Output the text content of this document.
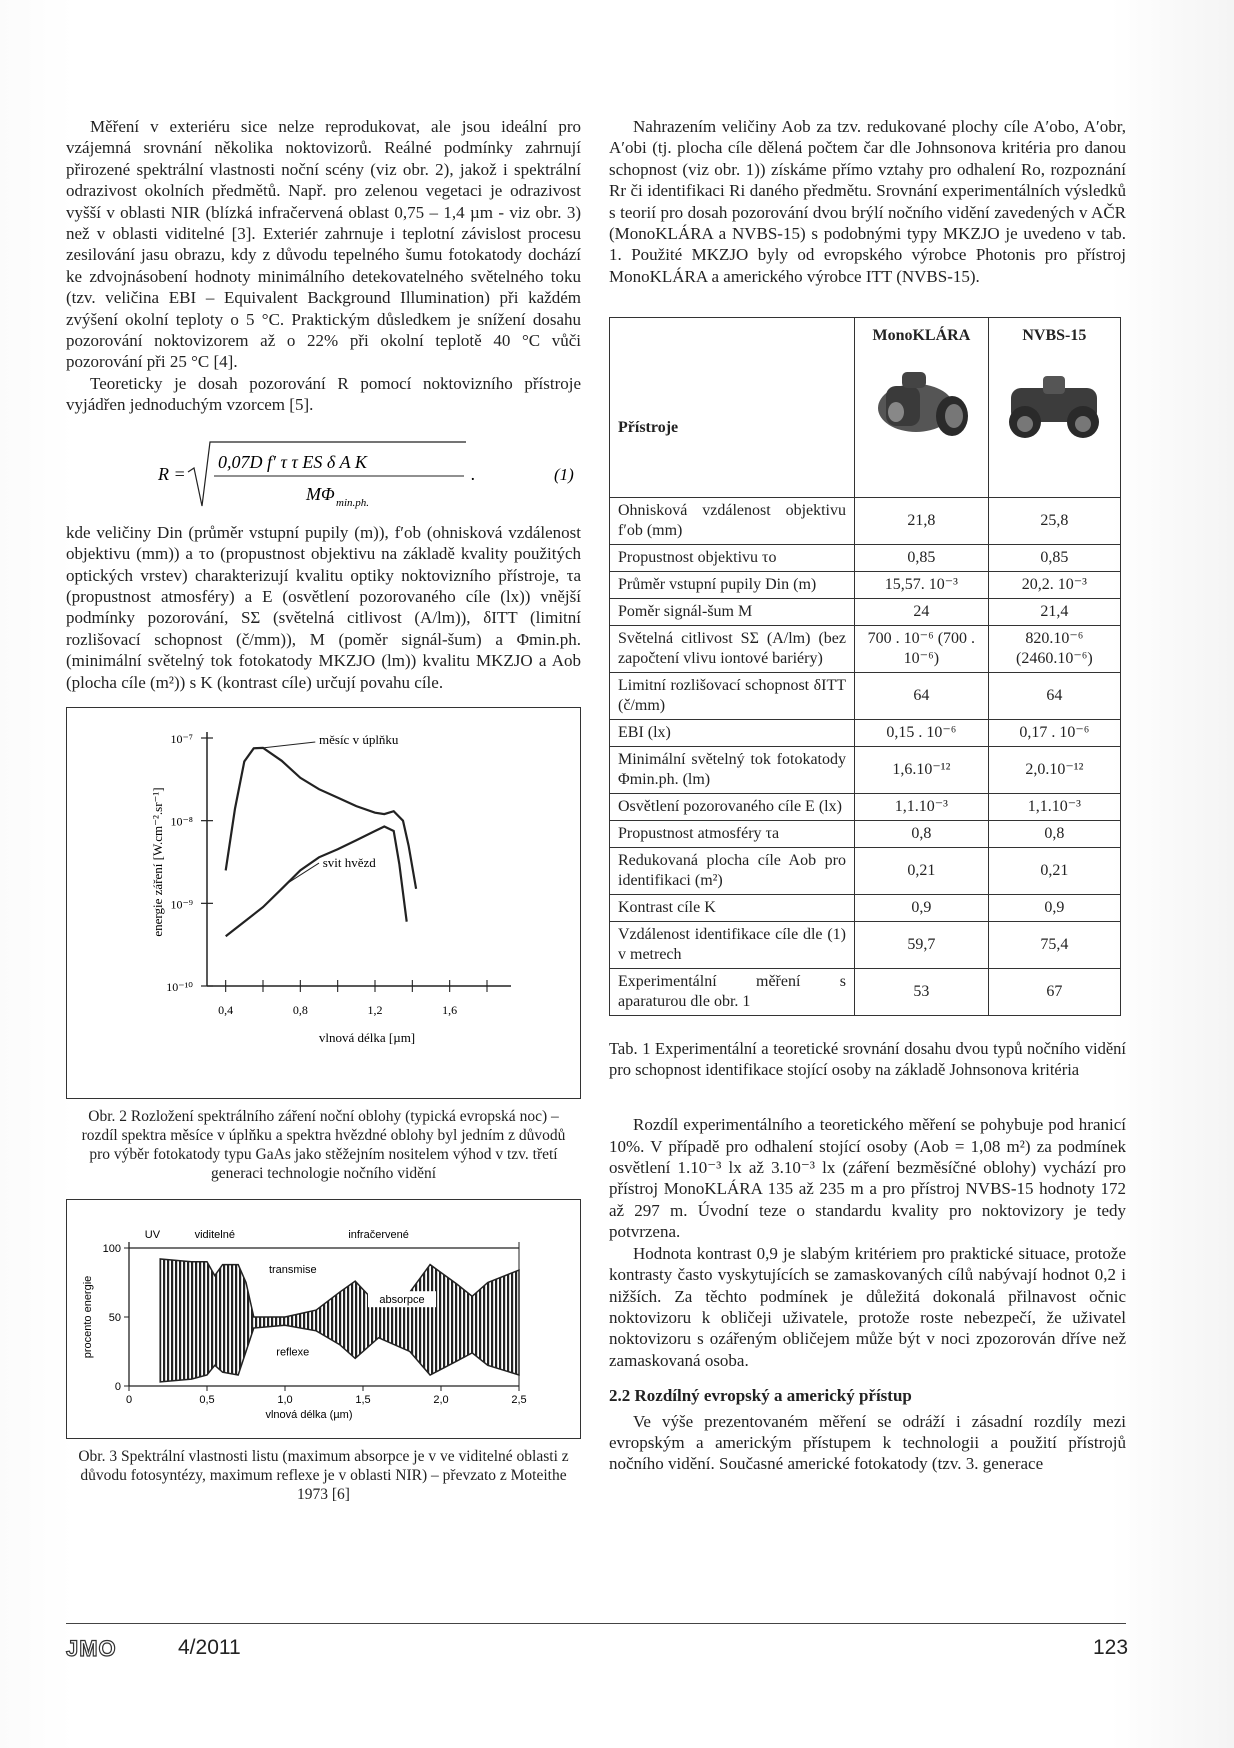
Měření v exteriéru sice nelze reprodukovat, ale jsou ideální pro vzájemná srovnání několika noktovizorů. Reálné podmínky zahrnují přirozené spektrální vlastnosti noční scény (viz obr. 2), jakož i spektrální odrazivost okolních předmětů. Např. pro zelenou vegetaci je odrazivost vyšší v oblasti NIR (blízká infračervená oblast 0,75 – 1,4 µm - viz obr. 3) než v oblasti viditelné [3]. Exteriér zahrnuje i teplotní závislost procesu zesilování jasu obrazu, kdy z důvodu tepelného šumu fotokatody dochází ke zdvojnásobení hodnoty minimálního detekovatelného světelného toku (tzv. veličina EBI – Equivalent Background Illumination) při každém zvýšení okolní teploty o 5 °C. Praktickým důsledkem je snížení dosahu pozorování noktovizorem až o 22% při okolní teplotě 40 °C vůči pozorování při 25 °C [4].

Teoreticky je dosah pozorování R pomocí noktovizního přístroje vyjádřen jednoduchým vzorcem [5].

R =
0,07D f′ τ τ ES δ A K
MΦ min.ph.
.	(1)

kde veličiny Din (průměr vstupní pupily (m)), f′ob (ohnisková vzdálenost objektivu (mm)) a τo (propustnost objektivu na základě kvality použitých optických vrstev) charakterizují kvalitu optiky noktovizního přístroje, τa (propustnost atmosféry) a E (osvětlení pozorovaného cíle (lx)) vnější podmínky pozorování, SΣ (světelná citlivost (A/lm)), δITT (limitní rozlišovací schopnost (č/mm)), M (poměr signál-šum) a Φmin.ph. (minimální světelný tok fotokatody MKZJO (lm)) kvalitu MKZJO a Aob (plocha cíle (m²)) s K (kontrast cíle) určují povahu cíle.

10⁻⁷
10⁻⁸
10⁻⁹
10⁻¹⁰
0,4	0,8	1,2	1,6
vlnová délka [µm]
energie záření [W.cm⁻².sr⁻¹]
měsíc v úplňku
svit hvězd
Obr. 2 Rozložení spektrálního záření noční oblohy (typická evropská noc) – rozdíl spektra měsíce v úplňku a spektra hvězdné oblohy byl jedním z důvodů pro výběr fotokatody typu GaAs jako stěžejním nositelem výhod v tzv. třetí generaci technologie nočního vidění
0
50
100
0	0,5	1,0	1,5	2,0	2,5
vlnová délka (µm)
procento energie
UV	viditelné	infračervené
transmise
absorpce
reflexe
Obr. 3 Spektrální vlastnosti listu (maximum absorpce je v ve viditelné oblasti z důvodu fotosyntézy, maximum reflexe je v oblasti NIR) – převzato z Moteithe 1973 [6]

Nahrazením veličiny Aob za tzv. redukované plochy cíle A′obo, A′obr, A′obi (tj. plocha cíle dělená počtem čar dle Johnsonova kritéria pro danou schopnost (viz obr. 1)) získáme přímo vztahy pro odhalení Ro, rozpoznání Rr či identifikaci Ri daného předmětu. Srovnání experimentálních výsledků s teorií pro dosah pozorování dvou brýlí nočního vidění zavedených v AČR (MonoKLÁRA a NVBS-15) s podobnými typy MKZJO je uvedeno v tab. 1. Použité MKZJO byly od evropského výrobce Photonis pro přístroj MonoKLÁRA a amerického výrobce ITT (NVBS-15).

Přístroje	MonoKLÁRA	NVBS-15

Ohnisková vzdálenost objektivu f′ob (mm)	21,8	25,8
Propustnost objektivu τo	0,85	0,85
Průměr vstupní pupily Din (m)	15,57. 10⁻³	20,2. 10⁻³
Poměr signál-šum M	24	21,4
Světelná citlivost SΣ (A/lm) (bez započtení vlivu iontové bariéry)	700 . 10⁻⁶ (700 . 10⁻⁶)	820.10⁻⁶ (2460.10⁻⁶)
Limitní rozlišovací schopnost δITT (č/mm)	64	64
EBI (lx)	0,15 . 10⁻⁶	0,17 . 10⁻⁶
Minimální světelný tok fotokatody Φmin.ph. (lm)	1,6.10⁻¹²	2,0.10⁻¹²
Osvětlení pozorovaného cíle E (lx)	1,1.10⁻³	1,1.10⁻³
Propustnost atmosféry τa	0,8	0,8
Redukovaná plocha cíle Aob pro identifikaci (m²)	0,21	0,21
Kontrast cíle K	0,9	0,9
Vzdálenost identifikace cíle dle (1) v metrech	59,7	75,4
Experimentální měření s aparaturou dle obr. 1	53	67
Tab. 1 Experimentální a teoretické srovnání dosahu dvou typů nočního vidění pro schopnost identifikace stojící osoby na základě Johnsonova kritéria

Rozdíl experimentálního a teoretického měření se pohybuje pod hranicí 10%. V případě pro odhalení stojící osoby (Aob = 1,08 m²) za podmínek osvětlení 1.10⁻³ lx až 3.10⁻³ lx (záření bezměsíčné oblohy) vychází pro přístroj MonoKLÁRA 135 až 235 m a pro přístroj NVBS-15 hodnoty 172 až 297 m. Úvodní teze o standardu kvality pro noktovizory je tedy potvrzena.

Hodnota kontrast 0,9 je slabým kritériem pro praktické situace, protože kontrasty často vyskytujících se zamaskovaných cílů nabývají hodnot 0,2 i nižších. Za těchto podmínek je důležitá dokonalá přilnavost očnic noktovizoru k obličeji uživatele, protože roste nebezpečí, že uživatel noktovizoru s ozářeným obličejem může být v noci zpozorován dříve než zamaskovaná osoba.

2.2 Rozdílný evropský a americký přístup

Ve výše prezentovaném měření se odráží i zásadní rozdíly mezi evropským a americkým přístupem k technologii a použití přístrojů nočního vidění. Současné americké fotokatody (tzv. 3. generace

JMO	4/2011	123
